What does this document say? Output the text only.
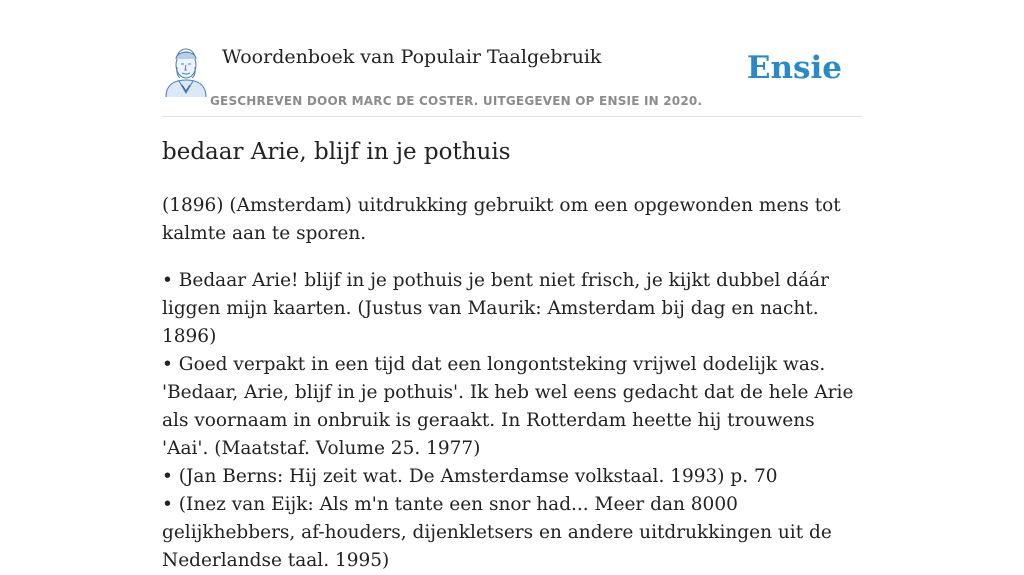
Woordenboek van Populair Taalgebruik
GESCHREVEN DOOR MARC DE COSTER. UITGEGEVEN OP ENSIE IN 2020.
Ensie
bedaar Arie, blijf in je pothuis

(1896) (Amsterdam) uitdrukking gebruikt om een opgewonden mens tot kalmte aan te sporen.

• Bedaar Arie! blijf in je pothuis je bent niet frisch, je kijkt dubbel dáár liggen mijn kaarten. (Justus van Maurik: Amsterdam bij dag en nacht. 1896)
• Goed verpakt in een tijd dat een longontsteking vrijwel dodelijk was. 'Bedaar, Arie, blijf in je pothuis'. Ik heb wel eens gedacht dat de hele Arie als voornaam in onbruik is geraakt. In Rotterdam heette hij trouwens 'Aai'. (Maatstaf. Volume 25. 1977)
• (Jan Berns: Hij zeit wat. De Amsterdamse volkstaal. 1993) p. 70
• (Inez van Eijk: Als m'n tante een snor had... Meer dan 8000 gelijkhebbers, af-houders, dijenkletsers en andere uitdrukkingen uit de Nederlandse taal. 1995)
